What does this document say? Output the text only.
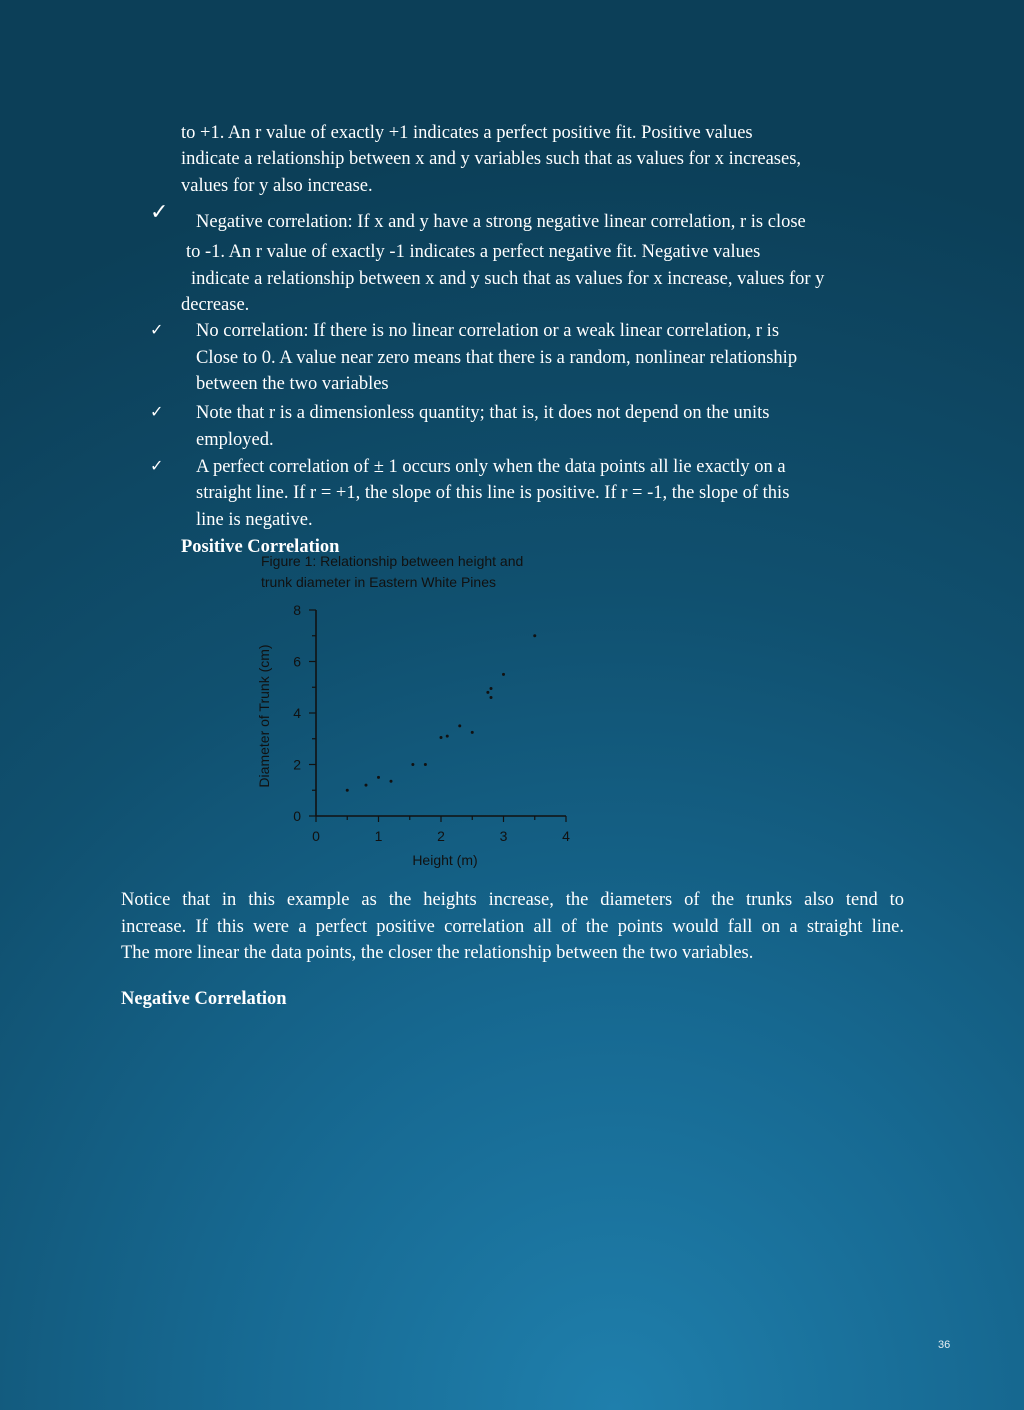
to +1. An r value of exactly +1 indicates a perfect positive fit. Positive values

indicate a relationship between x and y variables such that as values for x increases,

values for y also increase.

✓ Negative correlation: If x and y have a strong negative linear correlation, r is close

to -1. An r value of exactly -1 indicates a perfect negative fit. Negative values

indicate a relationship between x and y such that as values for x increase, values for y

decrease.

✓ No correlation: If there is no linear correlation or a weak linear correlation, r is

Close to 0. A value near zero means that there is a random, nonlinear relationship

between the two variables

✓ Note that r is a dimensionless quantity; that is, it does not depend on the units

employed.

✓ A perfect correlation of ± 1 occurs only when the data points all lie exactly on a

straight line. If r = +1, the slope of this line is positive. If r = -1, the slope of this

line is negative.

Positive Correlation
Figure 1: Relationship between height and
trunk diameter in Eastern White Pines
0	1	2	3	4
0
2
4
6
8
Height (m)
Diameter of Trunk (cm)
Notice that in this example as the heights increase, the diameters of the trunks also tend to
increase. If this were a perfect positive correlation all of the points would fall on a straight line.
The more linear the data points, the closer the relationship between the two variables.
Negative Correlation
36
